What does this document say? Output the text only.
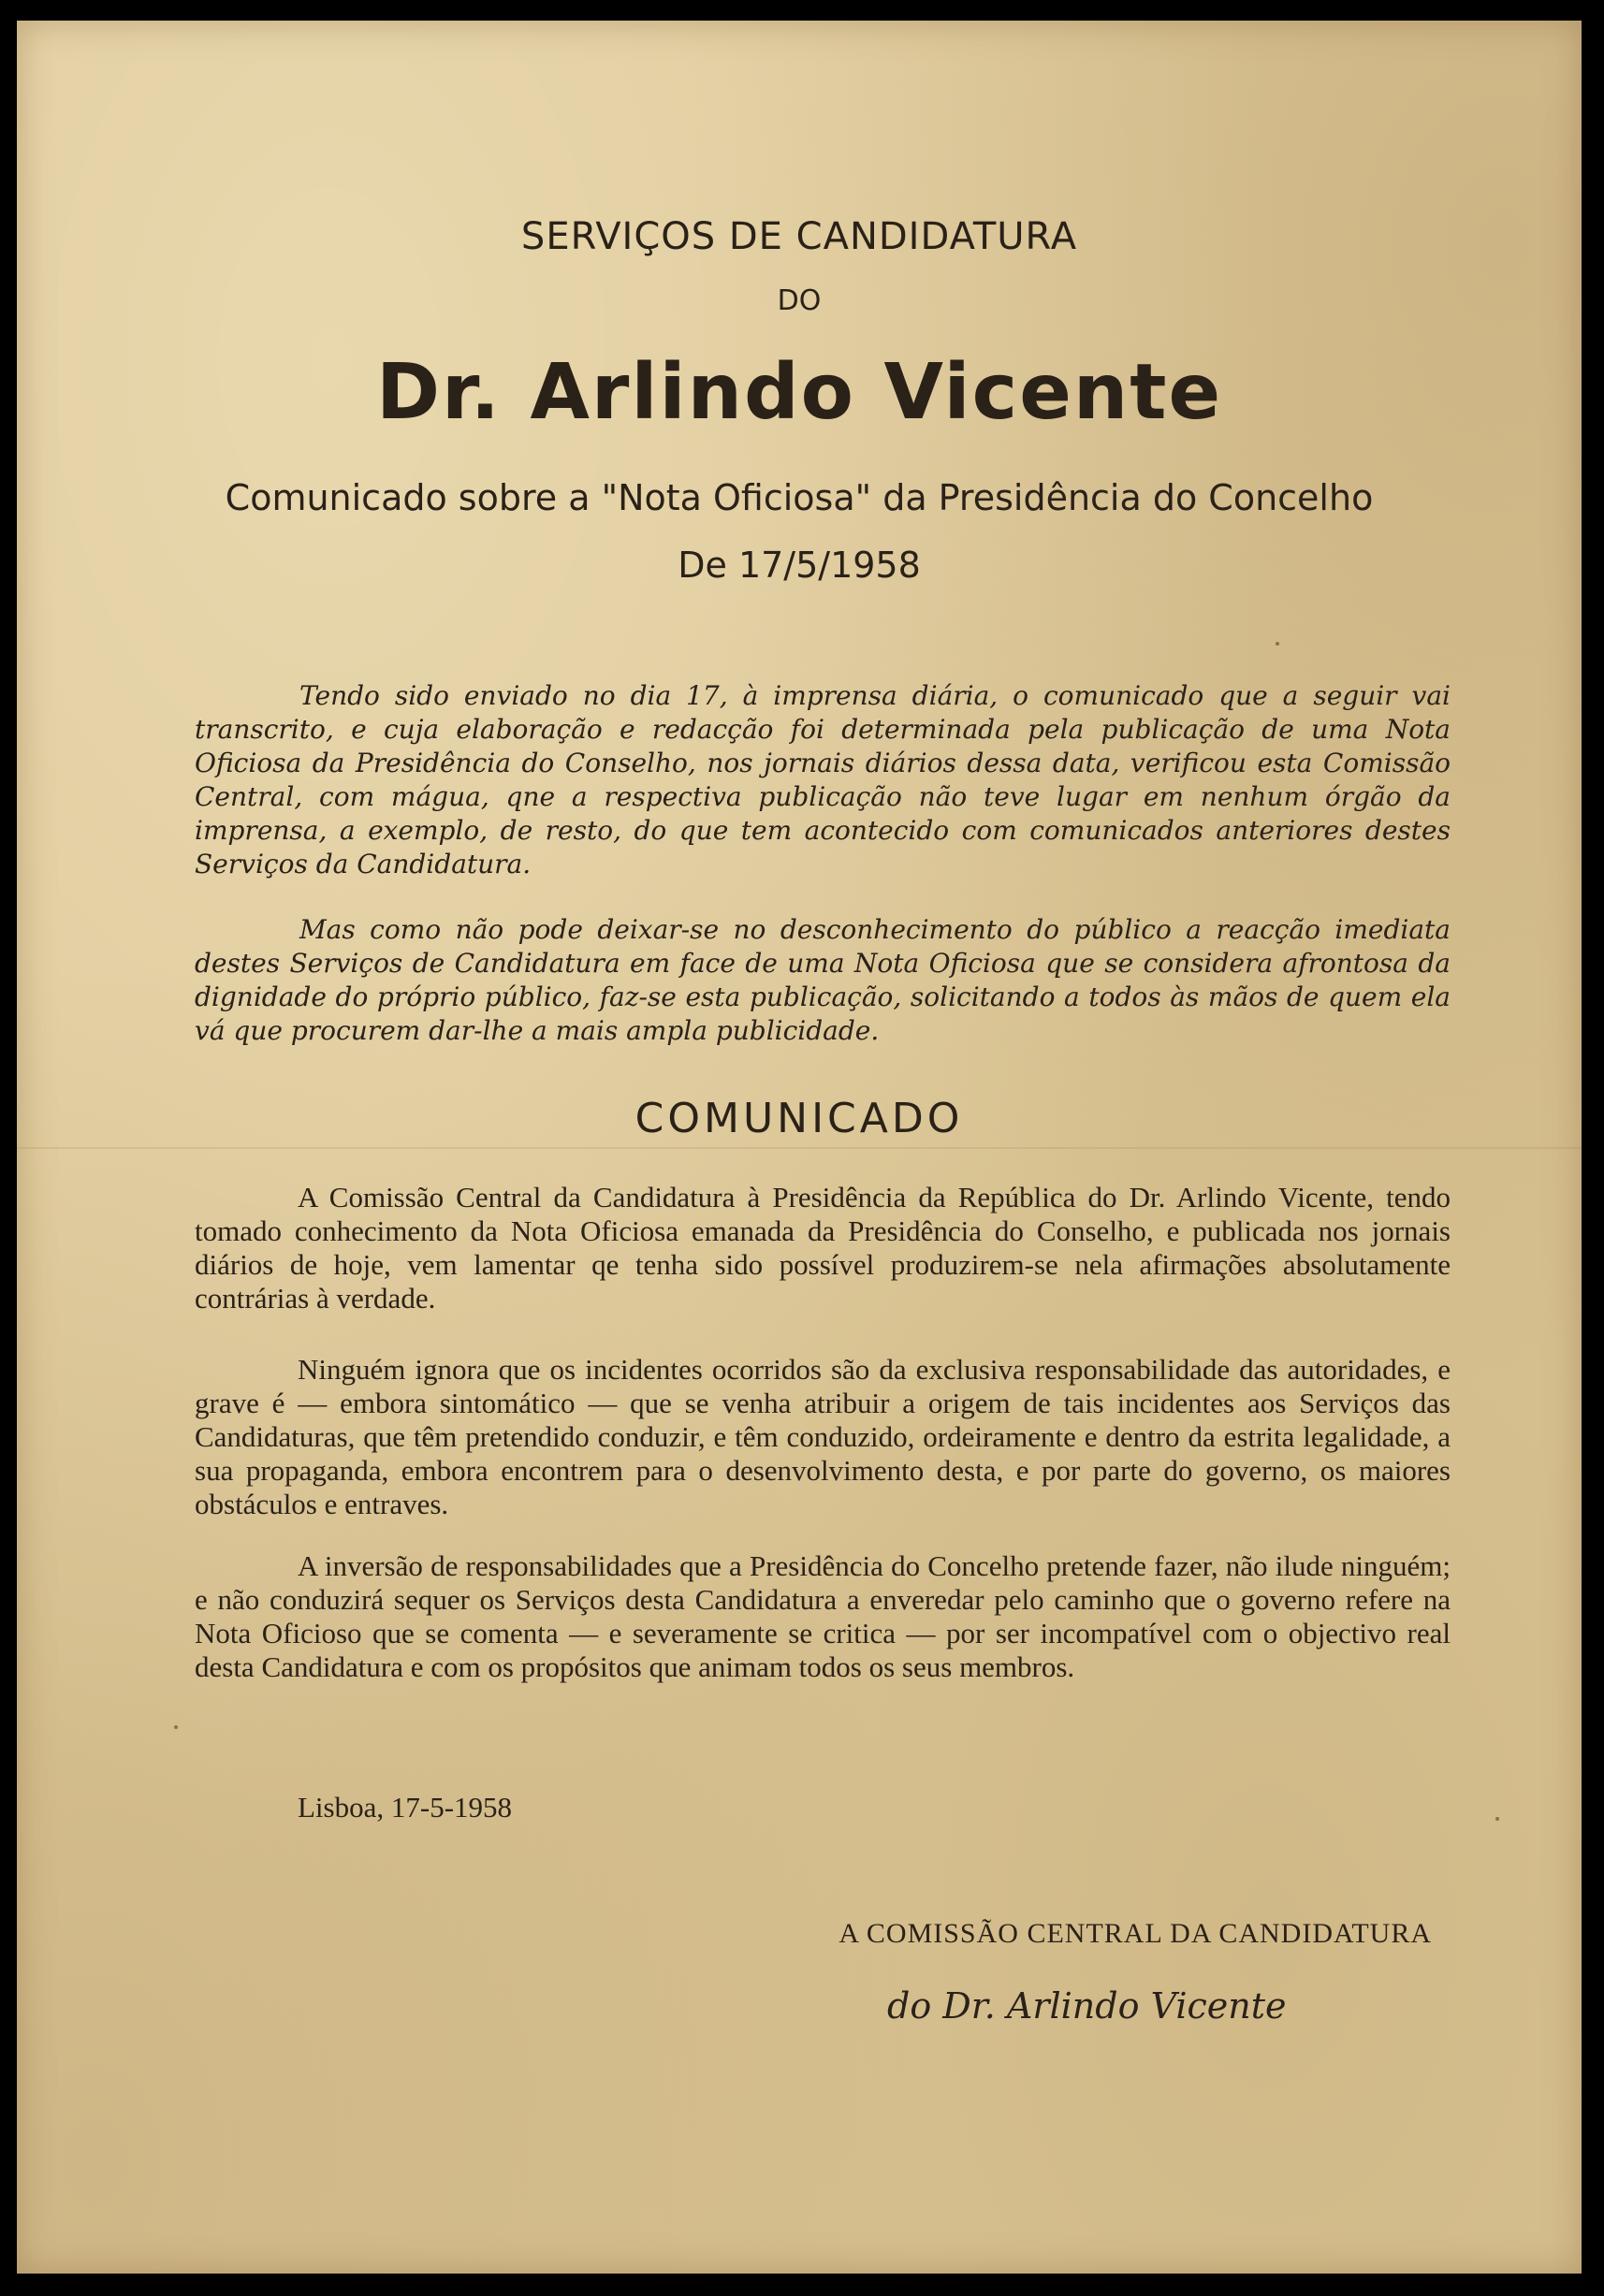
SERVIÇOS DE CANDIDATURA
DO
Dr. Arlindo Vicente
Comunicado sobre a "Nota Oficiosa" da Presidência do Concelho
De 17/5/1958

Tendo sido enviado no dia 17, à imprensa diária, o comunicado que a seguir vai transcrito, e cuja elaboração e redacção foi determinada pela publicação de uma Nota Oficiosa da Presidência do Conselho, nos jornais diários dessa data, verificou esta Comissão Central, com mágua, qne a respectiva publicação não teve lugar em nenhum órgão da imprensa, a exemplo, de resto, do que tem acontecido com comunicados anteriores destes Serviços da Candidatura.

Mas como não pode deixar-se no desconhecimento do público a reacção imediata destes Serviços de Candidatura em face de uma Nota Oficiosa que se considera afrontosa da dignidade do próprio público, faz-se esta publicação, solicitando a todos às mãos de quem ela vá que procurem dar-lhe a mais ampla publicidade.

COMUNICADO

A Comissão Central da Candidatura à Presidência da República do Dr. Arlindo Vicente, tendo tomado conhecimento da Nota Oficiosa emanada da Presidência do Conselho, e publicada nos jornais diários de hoje, vem lamentar qe tenha sido possível produzirem-se nela afirmações absolutamente contrárias à verdade.

Ninguém ignora que os incidentes ocorridos são da exclusiva responsabilidade das autoridades, e grave é — embora sintomático — que se venha atribuir a origem de tais incidentes aos Serviços das Candidaturas, que têm pretendido conduzir, e têm conduzido, ordeiramente e dentro da estrita legalidade, a sua propaganda, embora encontrem para o desenvolvimento desta, e por parte do governo, os maiores obstáculos e entraves.

A inversão de responsabilidades que a Presidência do Concelho pretende fazer, não ilude ninguém; e não conduzirá sequer os Serviços desta Candidatura a enveredar pelo caminho que o governo refere na Nota Oficioso que se comenta — e severamente se critica — por ser incompatível com o objectivo real desta Candidatura e com os propósitos que animam todos os seus membros.

Lisboa, 17-5-1958
A COMISSÃO CENTRAL DA CANDIDATURA
do Dr. Arlindo Vicente
